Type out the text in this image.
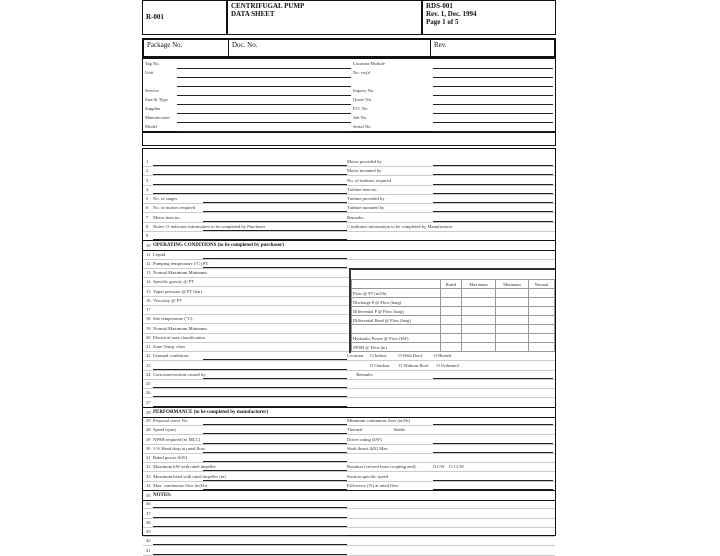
R-001
CENTRIFUGAL PUMP
DATA SHEET
RDS-001
Rev. 1, Dec. 1994
Page 1 of 5
Package No.	Doc. No.	Rev.
Tag No.	Location/Module
Unit	No. req'd
Service	Inquiry No.
Size & Type	Quote No.
Supplier	P.O. No.
Manufacturer	Job No.
Model	Serial No.
1	Motor provided by
2	Motor mounted by
3	No. of turbines required
4	Turbine item no.
5 No. of stages	Turbine provided by
6 No. of motors required	Turbine mounted by
7 Motor item no.	Remarks:
8 Notes: O indicates information to be completed by Purchaser	□ indicates information to be completed by Manufacturer
9
10 OPERATING CONDITIONS (to be completed by purchaser)
11 Liquid
12 Pumping temperature (°C) PT
13 Normal Maximum Minimum
14 Specific gravity @ PT
15 Vapor pressure @ PT (bar)
16 Viscosity @ PT
17
18 Site temperature (°C):
19 Normal Maximum Minimum
20 Electrical area classification
21 Zone Temp. class
22 Unusual conditions	Location      O Indoor          O With Roof          O Heated
23	O Outdoor        O Without Roof       O Unheated
24 Corrosion/erosion caused by	Remarks
25
26
27
28 PERFORMANCE (to be completed by manufacturer)
29 Proposal curve No.	Minimum continuous flow (m3/h)
28 Speed (rpm)	Thermal                           Stable
29 NPSH required (m MLC)	Driver rating (kW)
30 3 % Head drop at rated flow	Shaft thrust (kN) Max.
31 Rated power (kW)
32 Maximum kW with rated impeller	Rotation (viewed from coupling end):              O CW    O CCW
33 Maximum head with rated impeller (m)	Suction specific speed
34 Max. continuous flow (m3/h)	Efficiency (%) at rated flow
35 NOTES:
36
37
38
39
40
41
	Rated	Maximum	Minimum	Normal
Flow @ PT (m3/h)				
Discharge P @ Flow (barg)				
Differential P @ Flow (barg)				
Differential Head @ Flow (barg)				

Hydraulic Power @ Flow (kW)				
NPSH @ Flow (m)				
